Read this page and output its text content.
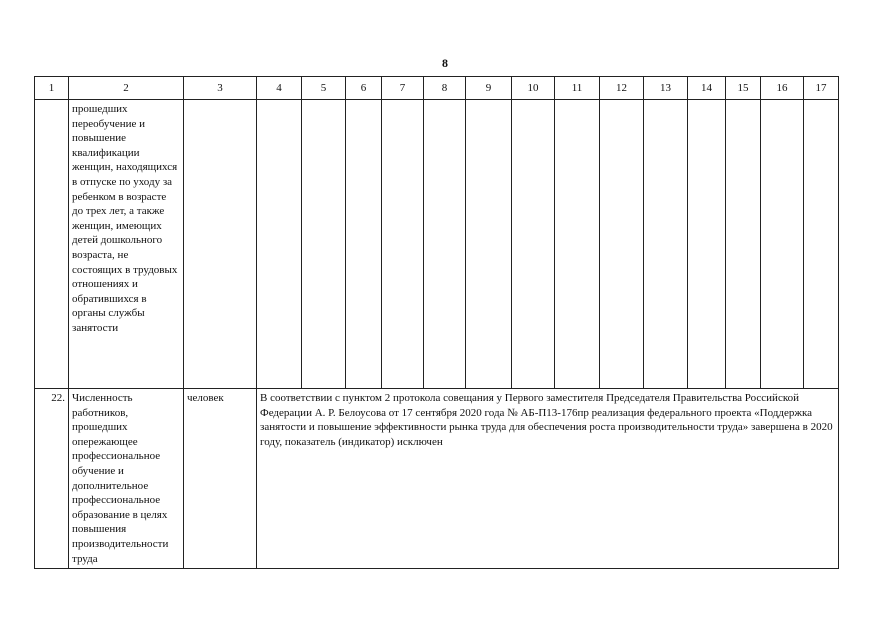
8
1	2	3	4	5	6	7	8	9	10	11	12	13	14	15	16	17
	прошедших переобучение и повышение квалификации женщин, находящихся в отпуске по уходу за ребенком в возрасте до трех лет, а также женщин, имеющих детей дошкольного возраста, не состоящих в трудовых отношениях и обратившихся в органы службы занятости															
22.	Численность работников, прошедших опережающее профессиональное обучение и дополнительное профессиональное образование в целях повышения производительности труда	человек	В соответствии с пунктом 2 протокола совещания у Первого заместителя Председателя Правительства Российской Федерации А. Р. Белоусова от 17 сентября 2020 года № АБ-П13-176пр реализация федерального проекта «Поддержка занятости и повышение эффективности рынка труда для обеспечения роста производительности труда» завершена в 2020 году, показатель (индикатор) исключен													
